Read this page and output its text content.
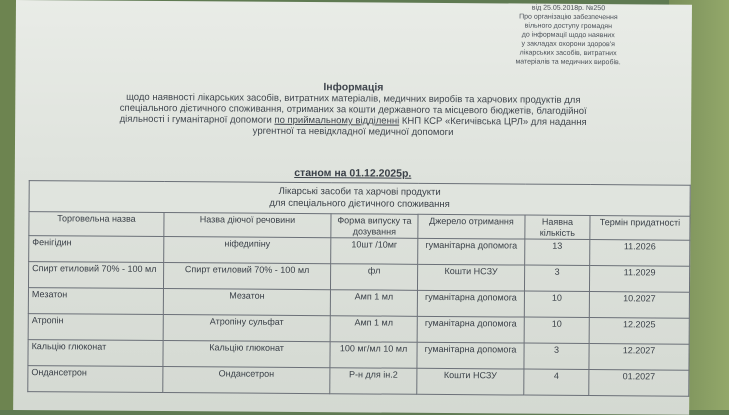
від 25.05.2018р. №250
Про організацію забезпечення
вільного доступу громадян
до інформації щодо наявних
у закладах охорони здоров'я
лікарських засобів, витратних
матеріалів та медичних виробів.
Інформація
щодо наявності лікарських засобів, витратних матеріалів, медичних виробів та харчових продуктів для
спеціального дієтичного споживання, отриманих за кошти державного та місцевого бюджетів, благодійної
діяльності і гуманітарної допомоги по приймальному відділенні КНП КСР «Кегичівська ЦРЛ» для надання
ургентної та невідкладної медичної допомоги
станом на 01.12.2025р.
Лікарські засоби та харчові продукти
для спеціального дієтичного споживання					

Торговельна назва	Назва діючої речовини	Форма випуску та дозування	Джерело отримання	Наявна кількість	Термін придатності
Фенігідин	ніфедипіну	10шт /10мг	гуманітарна допомога	13	11.2026
Спирт етиловий 70% - 100 мл	Спирт етиловий 70% - 100 мл	фл	Кошти НСЗУ	3	11.2029
Мезатон	Мезатон	Амп 1 мл	гуманітарна допомога	10	10.2027
Атропін	Атропіну сульфат	Амп 1 мл	гуманітарна допомога	10	12.2025
Кальцію глюконат	Кальцію глюконат	100 мг/мл 10 мл	гуманітарна допомога	3	12.2027
Ондансетрон	Ондансетрон	Р-н для ін.2	Кошти НСЗУ	4	01.2027
